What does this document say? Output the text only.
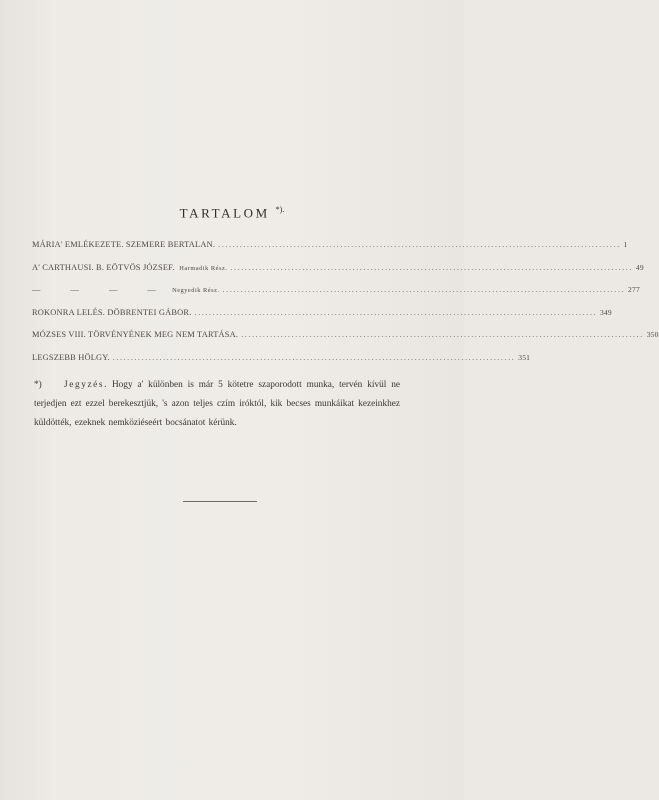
TARTALOM *).
MÁRIA' EMLÉKEZETE. SZEMERE BERTALAN. ................................................................................................................ 1
A' CARTHAUSI. B. EÖTVÖS JÓZSEF. Harmadik Rész. ................................................................................................................ 49
— — — — Negyedik Rész. ................................................................................................................ 277
ROKONRA LELÉS. DÖBRENTEI GÁBOR. ................................................................................................................ 349
MÓZSES VIII. TÖRVÉNYÉNEK MEG NEM TARTÁSA. ................................................................................................................ 350
LEGSZEBB HÖLGY. ................................................................................................................ 351
*) Jegyzés. Hogy a' különben is már 5 kötetre szaporodott munka, tervén kívül ne terjedjen ezt ezzel berekesztjük, 's azon teljes czím iróktól, kik becses munkáikat kezeinkhez küldötték, ezeknek nemköziéseért bocsánatot kérünk.
